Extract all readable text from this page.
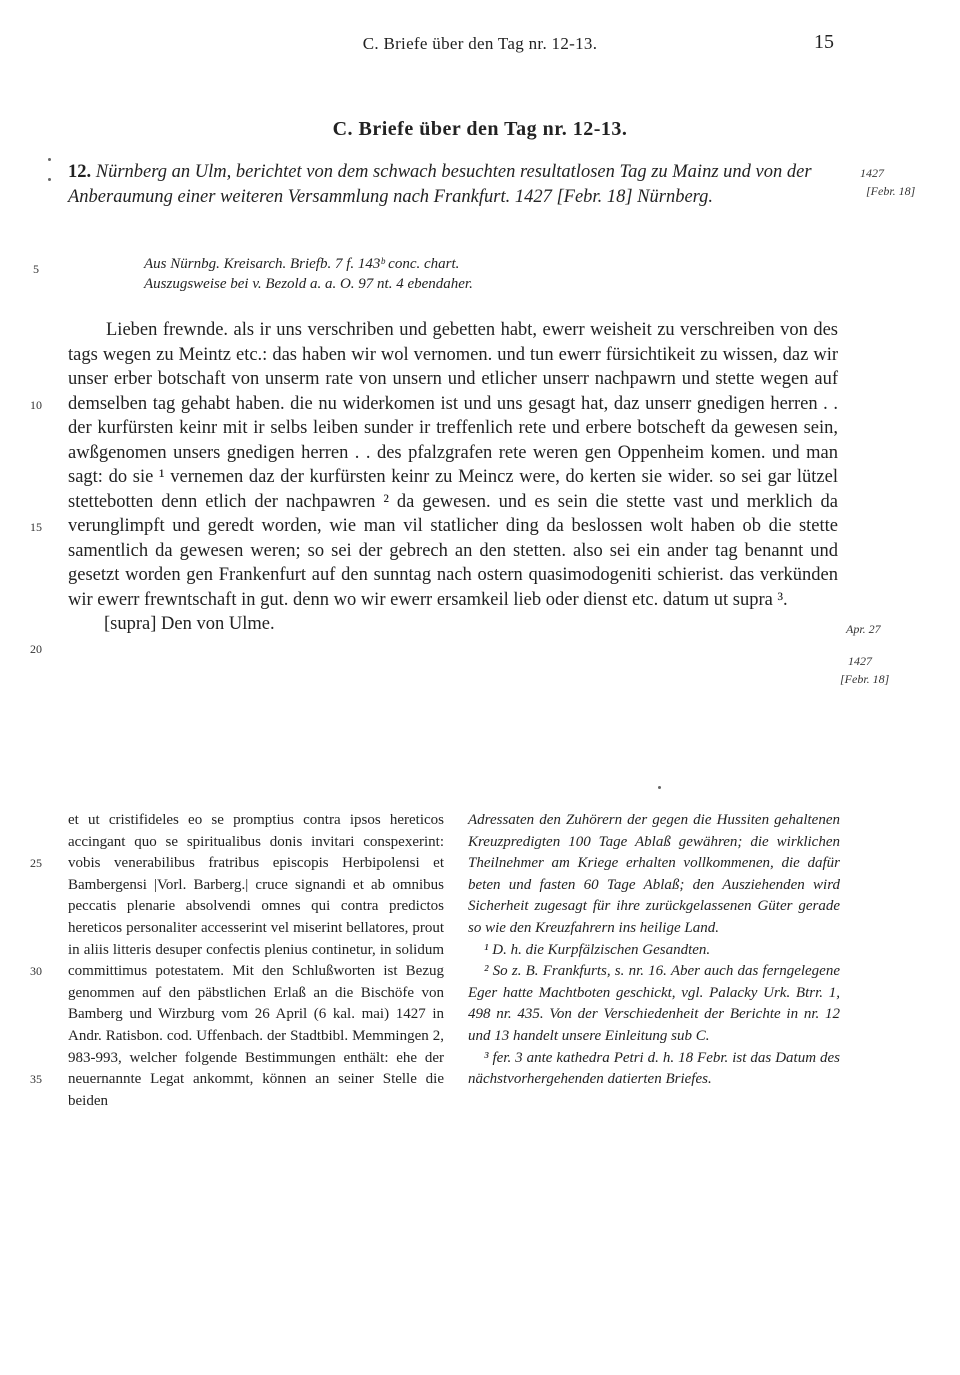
C. Briefe über den Tag nr. 12-13.	15
C. Briefe über den Tag nr. 12-13.
12. Nürnberg an Ulm, berichtet von dem schwach besuchten resultatlosen Tag zu Mainz und von der Anberaumung einer weiteren Versammlung nach Frankfurt. 1427 [Febr. 18] Nürnberg.
1427
[Febr. 18]
Apr. 27
1427
[Febr. 18]
5
10
15
20
25
30
35
Aus Nürnbg. Kreisarch. Briefb. 7 f. 143ᵇ conc. chart.
Auszugsweise bei v. Bezold a. a. O. 97 nt. 4 ebendaher.

Lieben frewnde. als ir uns verschriben und gebetten habt, ewerr weisheit zu verschreiben von des tags wegen zu Meintz etc.: das haben wir wol vernomen. und tun ewerr fürsichtikeit zu wissen, daz wir unser erber botschaft von unserm rate von unsern und etlicher unserr nachpawrn und stette wegen auf demselben tag gehabt haben. die nu widerkomen ist und uns gesagt hat, daz unserr gnedigen herren . . der kurfürsten keinr mit ir selbs leiben sunder ir treffenlich rete und erbere botscheft da gewesen sein, awßgenomen unsers gnedigen herren . . des pfalzgrafen rete weren gen Oppenheim komen. und man sagt: do sie ¹ vernemen daz der kurfürsten keinr zu Meincz were, do kerten sie wider. so sei gar lützel stettebotten denn etlich der nachpawren ² da gewesen. und es sein die stette vast und merklich da verunglimpft und geredt worden, wie man vil statlicher ding da beslossen wolt haben ob die stette samentlich da gewesen weren; so sei der gebrech an den stetten. also sei ein ander tag benannt und gesetzt worden gen Frankenfurt auf den sunntag nach ostern quasimodogeniti schierist. das verkünden wir ewerr frewntschaft in gut. denn wo wir ewerr ersamkeil lieb oder dienst etc. datum ut supra ³.

[supra] Den von Ulme.

et ut cristifideles eo se promptius contra ipsos hereticos accingant quo se spiritualibus donis invitari conspexerint: vobis venerabilibus fratribus episcopis Herbipolensi et Bambergensi |Vorl. Barberg.| cruce signandi et ab omnibus peccatis plenarie absolvendi omnes qui contra predictos hereticos personaliter accesserint vel miserint bellatores, prout in aliis litteris desuper confectis plenius continetur, in solidum committimus potestatem. Mit den Schlußworten ist Bezug genommen auf den päbstlichen Erlaß an die Bischöfe von Bamberg und Wirzburg vom 26 April (6 kal. mai) 1427 in Andr. Ratisbon. cod. Uffenbach. der Stadtbibl. Memmingen 2, 983-993, welcher folgende Bestimmungen enthält: ehe der neuernannte Legat ankommt, können an seiner Stelle die beiden

Adressaten den Zuhörern der gegen die Hussiten gehaltenen Kreuzpredigten 100 Tage Ablaß gewähren; die wirklichen Theilnehmer am Kriege erhalten vollkommenen, die dafür beten und fasten 60 Tage Ablaß; den Ausziehenden wird Sicherheit zugesagt für ihre zurückgelassenen Güter gerade so wie den Kreuzfahrern ins heilige Land.

¹ D. h. die Kurpfälzischen Gesandten.

² So z. B. Frankfurts, s. nr. 16. Aber auch das ferngelegene Eger hatte Machtboten geschickt, vgl. Palacky Urk. Btrr. 1, 498 nr. 435. Von der Verschiedenheit der Berichte in nr. 12 und 13 handelt unsere Einleitung sub C.

³ fer. 3 ante kathedra Petri d. h. 18 Febr. ist das Datum des nächstvorhergehenden datierten Briefes.
